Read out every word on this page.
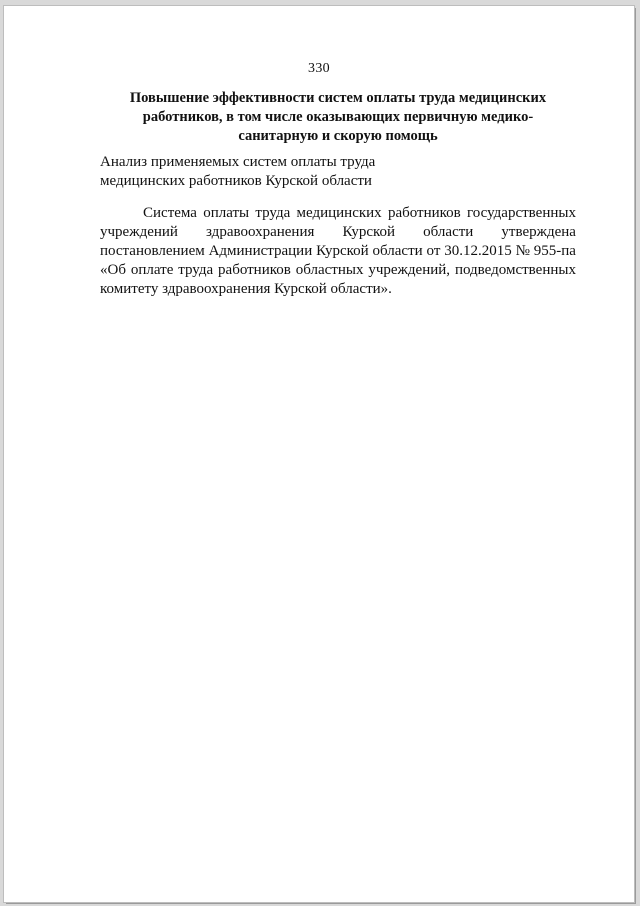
330
Повышение эффективности систем оплаты труда медицинских
работников, в том числе оказывающих первичную медико-
санитарную и скорую помощь
Анализ применяемых систем оплаты труда
медицинских работников Курской области
Система оплаты труда медицинских работников государственных
учреждений здравоохранения Курской области утверждена
постановлением Администрации Курской области от 30.12.2015 № 955-па
«Об оплате труда работников областных учреждений, подведомственных
комитету здравоохранения Курской области».
